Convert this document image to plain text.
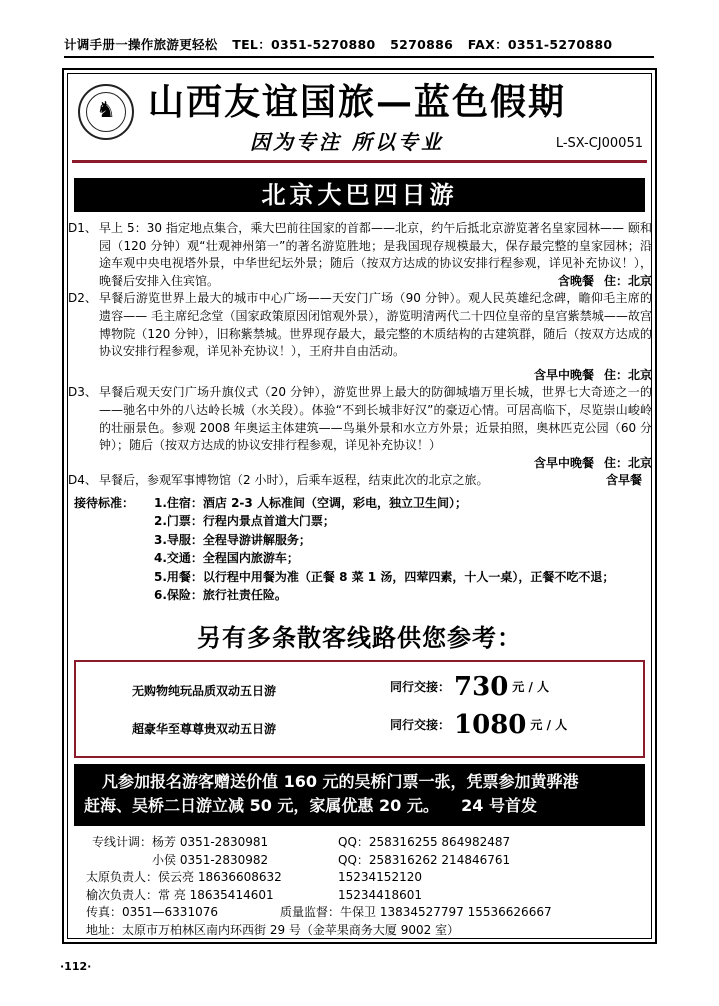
计调手册一操作旅游更轻松 TEL：0351-5270880 5270886 FAX：0351-5270880
♞ 山西友谊国旅—蓝色假期
因为专注 所以专业	L-SX-CJ00051
北京大巴四日游
D1、 早上 5：30 指定地点集合，乘大巴前往国家的首都——北京，约午后抵北京游览著名皇家园林—— 颐和园（120 分钟）观“壮观神州第一”的著名游览胜地；是我国现存规模最大，保存最完整的皇家园林；沿途车观中央电视塔外景，中华世纪坛外景；随后（按双方达成的协议安排行程参观，详见补充协议！），晚餐后安排入住宾馆。	含晚餐 住：北京
D2、 早餐后游览世界上最大的城市中心广场——天安门广场（90 分钟）。观人民英雄纪念碑，瞻仰毛主席的遗容—— 毛主席纪念堂（国家政策原因闭馆观外景），游览明清两代二十四位皇帝的皇宫紫禁城——故宫博物院（120 分钟），旧称紫禁城。世界现存最大，最完整的木质结构的古建筑群，随后（按双方达成的协议安排行程参观，详见补充协议！），王府井自由活动。
含早中晚餐 住：北京
D3、 早餐后观天安门广场升旗仪式（20 分钟），游览世界上最大的防御城墙万里长城，世界七大奇迹之一的——驰名中外的八达岭长城（水关段）。体验“不到长城非好汉”的豪迈心情。可居高临下，尽览崇山峻岭的壮丽景色。参观 2008 年奥运主体建筑——鸟巢外景和水立方外景；近景拍照，奥林匹克公园（60 分钟）；随后（按双方达成的协议安排行程参观，详见补充协议！）
含早中晚餐 住：北京
D4、 早餐后，参观军事博物馆（2 小时），后乘车返程，结束此次的北京之旅。	含早餐
接待标准： 1.住宿：酒店 2-3 人标准间（空调，彩电，独立卫生间）；
2.门票：行程内景点首道大门票；
3.导服：全程导游讲解服务；
4.交通：全程国内旅游车；
5.用餐：以行程中用餐为准（正餐 8 菜 1 汤，四荤四素，十人一桌），正餐不吃不退；
6.保险：旅行社责任险。
另有多条散客线路供您参考：
无购物纯玩品质双动五日游	同行交接： 730 元 / 人
超豪华至尊尊贵双动五日游	同行交接： 1080 元 / 人
凡参加报名游客赠送价值 160 元的吴桥门票一张，凭票参加黄骅港
赶海、吴桥二日游立减 50 元，家属优惠 20 元。 24 号首发
专线计调：杨芳 0351-2830981	QQ：258316255 864982487
小侯 0351-2830982	QQ：258316262 214846761
太原负责人：侯云亮 18636608632	15234152120
榆次负责人：常 亮 18635414601	15234418601
传真：0351—6331076	质量监督：牛保卫 13834527797 15536626667
地址：太原市万柏林区南内环西街 29 号（金苹果商务大厦 9002 室）
·112·
